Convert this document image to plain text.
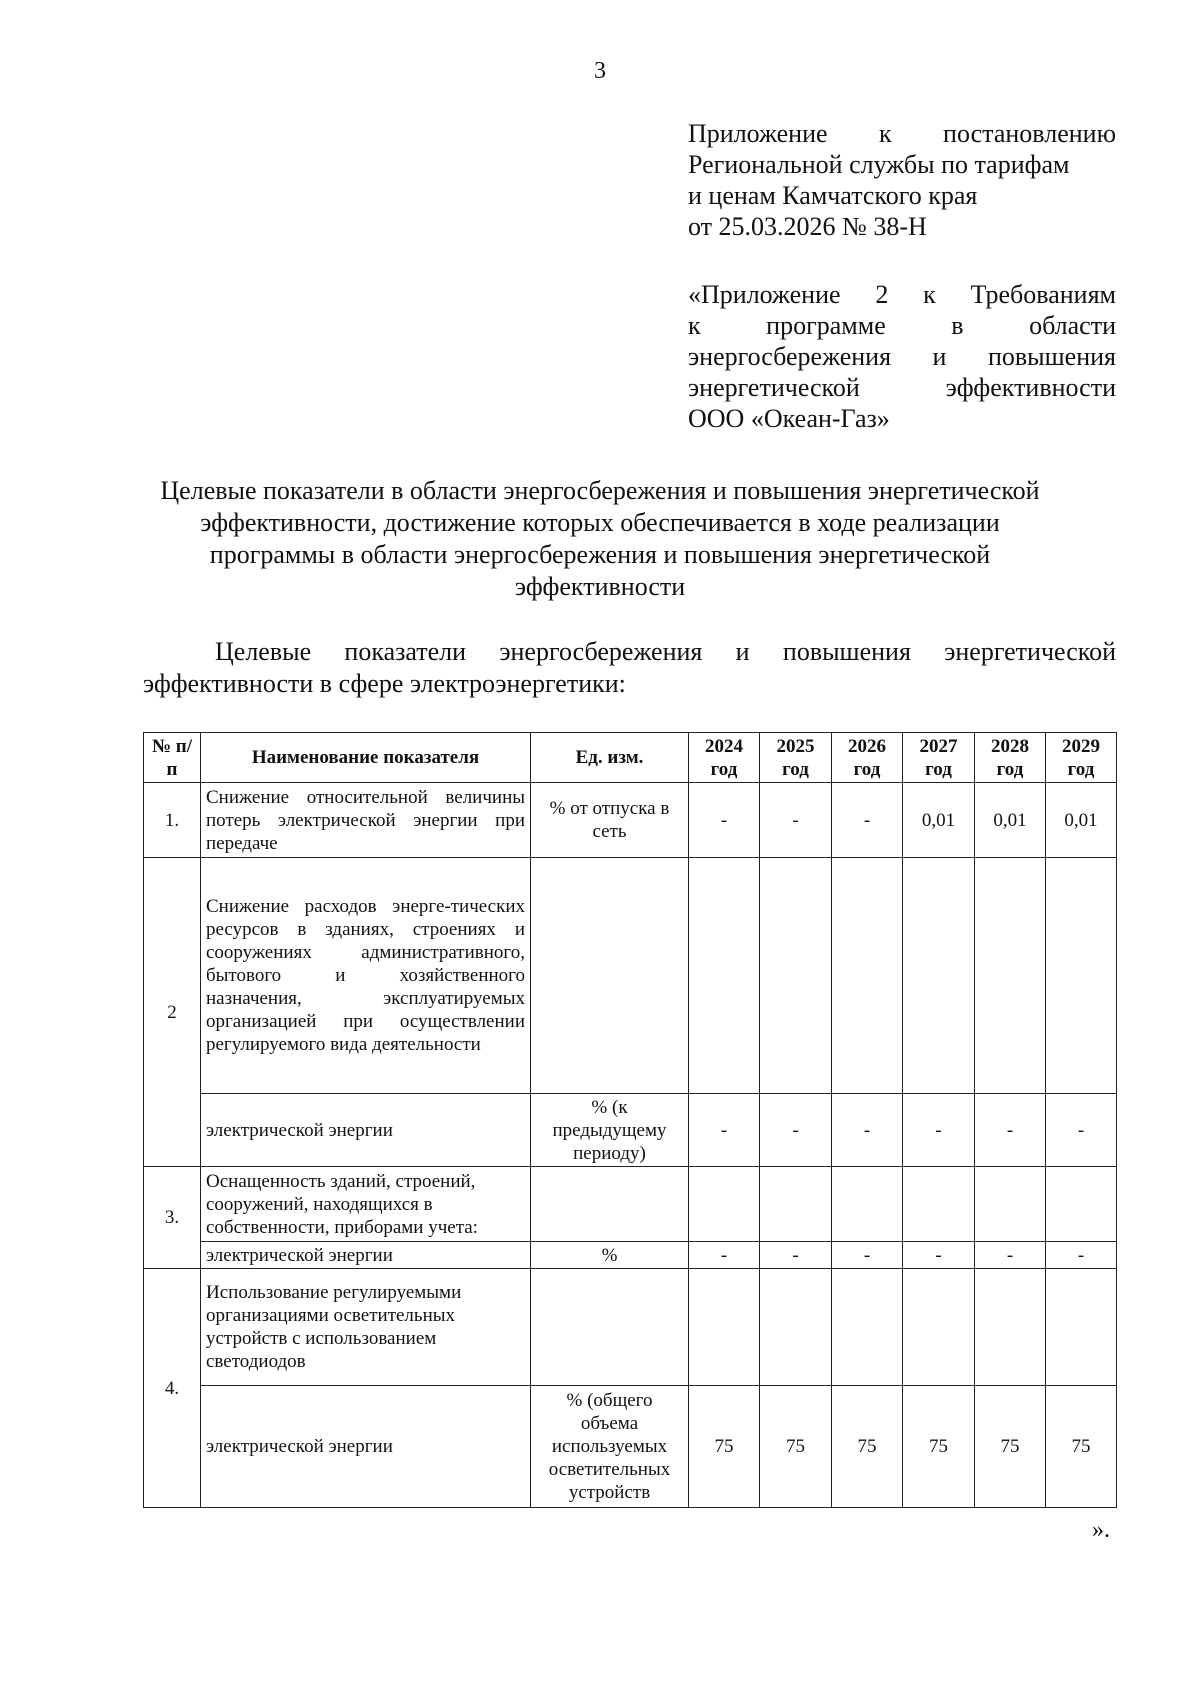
3
Приложение к постановлению
Региональной службы по тарифам
и ценам Камчатского края
от 25.03.2026 № 38-Н
«Приложение 2 к Требованиям
к программе в области
энергосбережения и повышения
энергетической эффективности
ООО «Океан-Газ»
Целевые показатели в области энергосбережения и повышения энергетической
эффективности, достижение которых обеспечивается в ходе реализации
программы в области энергосбережения и повышения энергетической
эффективности
Целевые показатели энергосбережения и повышения энергетической
эффективности в сфере электроэнергетики:
№ п/п	Наименование показателя	Ед. изм.	2024 год	2025 год	2026 год	2027 год	2028 год	2029 год
1.	Снижение относительной величины потерь электрической энергии при передаче	% от отпуска в сеть	-	-	-	0,01	0,01	0,01
2	Снижение расходов энерге-тических ресурсов в зданиях, строениях и сооружениях административного, бытового и хозяйственного назначения, эксплуатируемых организацией при осуществлении регулируемого вида деятельности							
	электрической энергии	% (к предыдущему периоду)	-	-	-	-	-	-
3.	Оснащенность зданий, строений, сооружений, находящихся в собственности, приборами учета:							
	электрической энергии	%	-	-	-	-	-	-
4.	Использование регулируемыми организациями осветительных устройств с использованием светодиодов							
	электрической энергии	% (общего объема используемых осветительных устройств	75	75	75	75	75	75
».
